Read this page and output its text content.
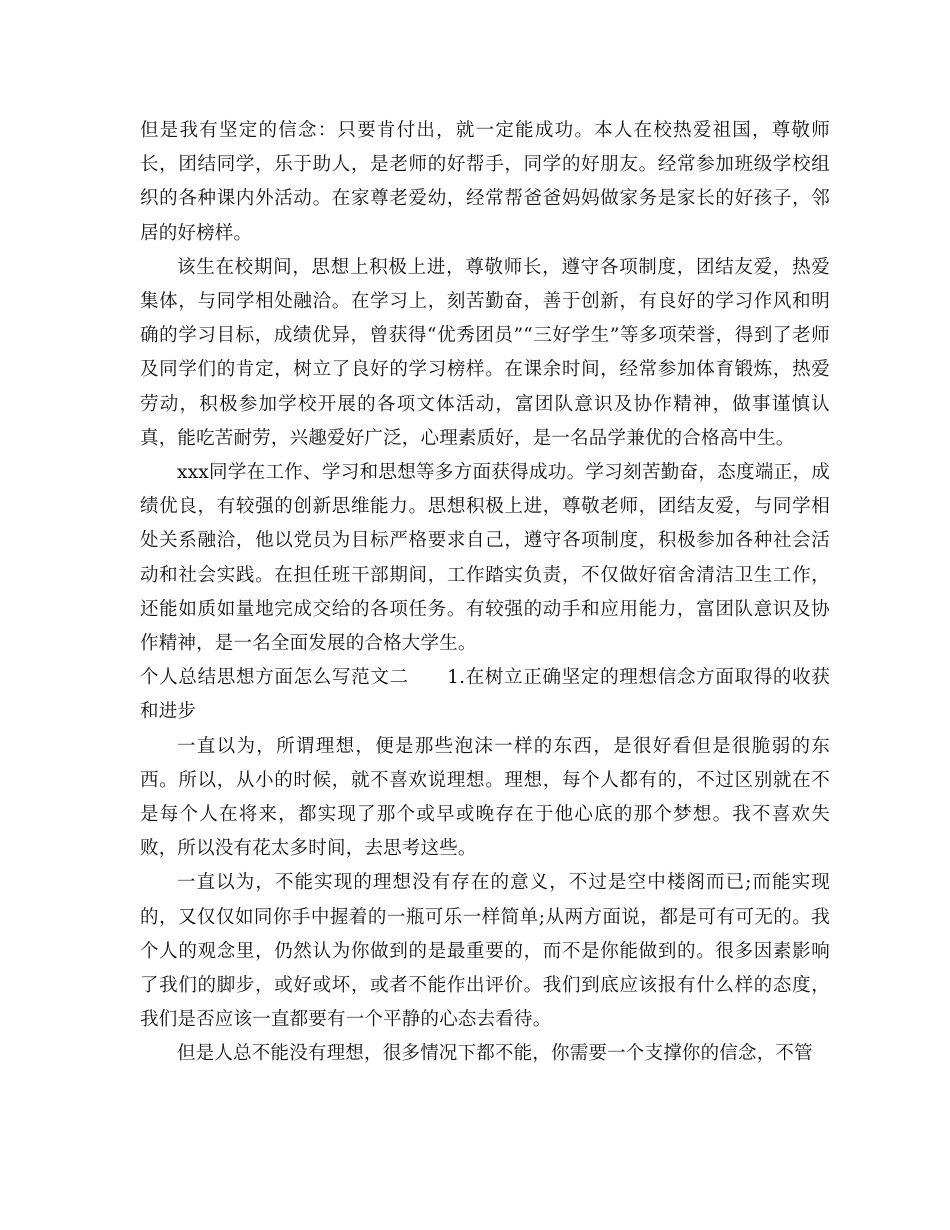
但是我有坚定的信念：只要肯付出，就一定能成功。本人在校热爱祖国，尊敬师长，团结同学，乐于助人，是老师的好帮手，同学的好朋友。经常参加班级学校组织的各种课内外活动。在家尊老爱幼，经常帮爸爸妈妈做家务是家长的好孩子，邻居的好榜样。

该生在校期间，思想上积极上进，尊敬师长，遵守各项制度，团结友爱，热爱集体，与同学相处融洽。在学习上，刻苦勤奋，善于创新，有良好的学习作风和明确的学习目标，成绩优异，曾获得“优秀团员”“三好学生”等多项荣誉，得到了老师及同学们的肯定，树立了良好的学习榜样。在课余时间，经常参加体育锻炼，热爱劳动，积极参加学校开展的各项文体活动，富团队意识及协作精神，做事谨慎认真，能吃苦耐劳，兴趣爱好广泛，心理素质好，是一名品学兼优的合格高中生。

xxx同学在工作、学习和思想等多方面获得成功。学习刻苦勤奋，态度端正，成绩优良，有较强的创新思维能力。思想积极上进，尊敬老师，团结友爱，与同学相处关系融洽，他以党员为目标严格要求自己，遵守各项制度，积极参加各种社会活动和社会实践。在担任班干部期间，工作踏实负责，不仅做好宿舍清洁卫生工作，还能如质如量地完成交给的各项任务。有较强的动手和应用能力，富团队意识及协作精神，是一名全面发展的合格大学生。

个人总结思想方面怎么写范文二　　1.在树立正确坚定的理想信念方面取得的收获和进步

一直以为，所谓理想，便是那些泡沫一样的东西，是很好看但是很脆弱的东西。所以，从小的时候，就不喜欢说理想。理想，每个人都有的，不过区别就在不是每个人在将来，都实现了那个或早或晚存在于他心底的那个梦想。我不喜欢失败，所以没有花太多时间，去思考这些。

一直以为，不能实现的理想没有存在的意义，不过是空中楼阁而已;而能实现的，又仅仅如同你手中握着的一瓶可乐一样简单;从两方面说，都是可有可无的。我个人的观念里，仍然认为你做到的是最重要的，而不是你能做到的。很多因素影响了我们的脚步，或好或坏，或者不能作出评价。我们到底应该报有什么样的态度，我们是否应该一直都要有一个平静的心态去看待。

但是人总不能没有理想，很多情况下都不能，你需要一个支撑你的信念，不管
